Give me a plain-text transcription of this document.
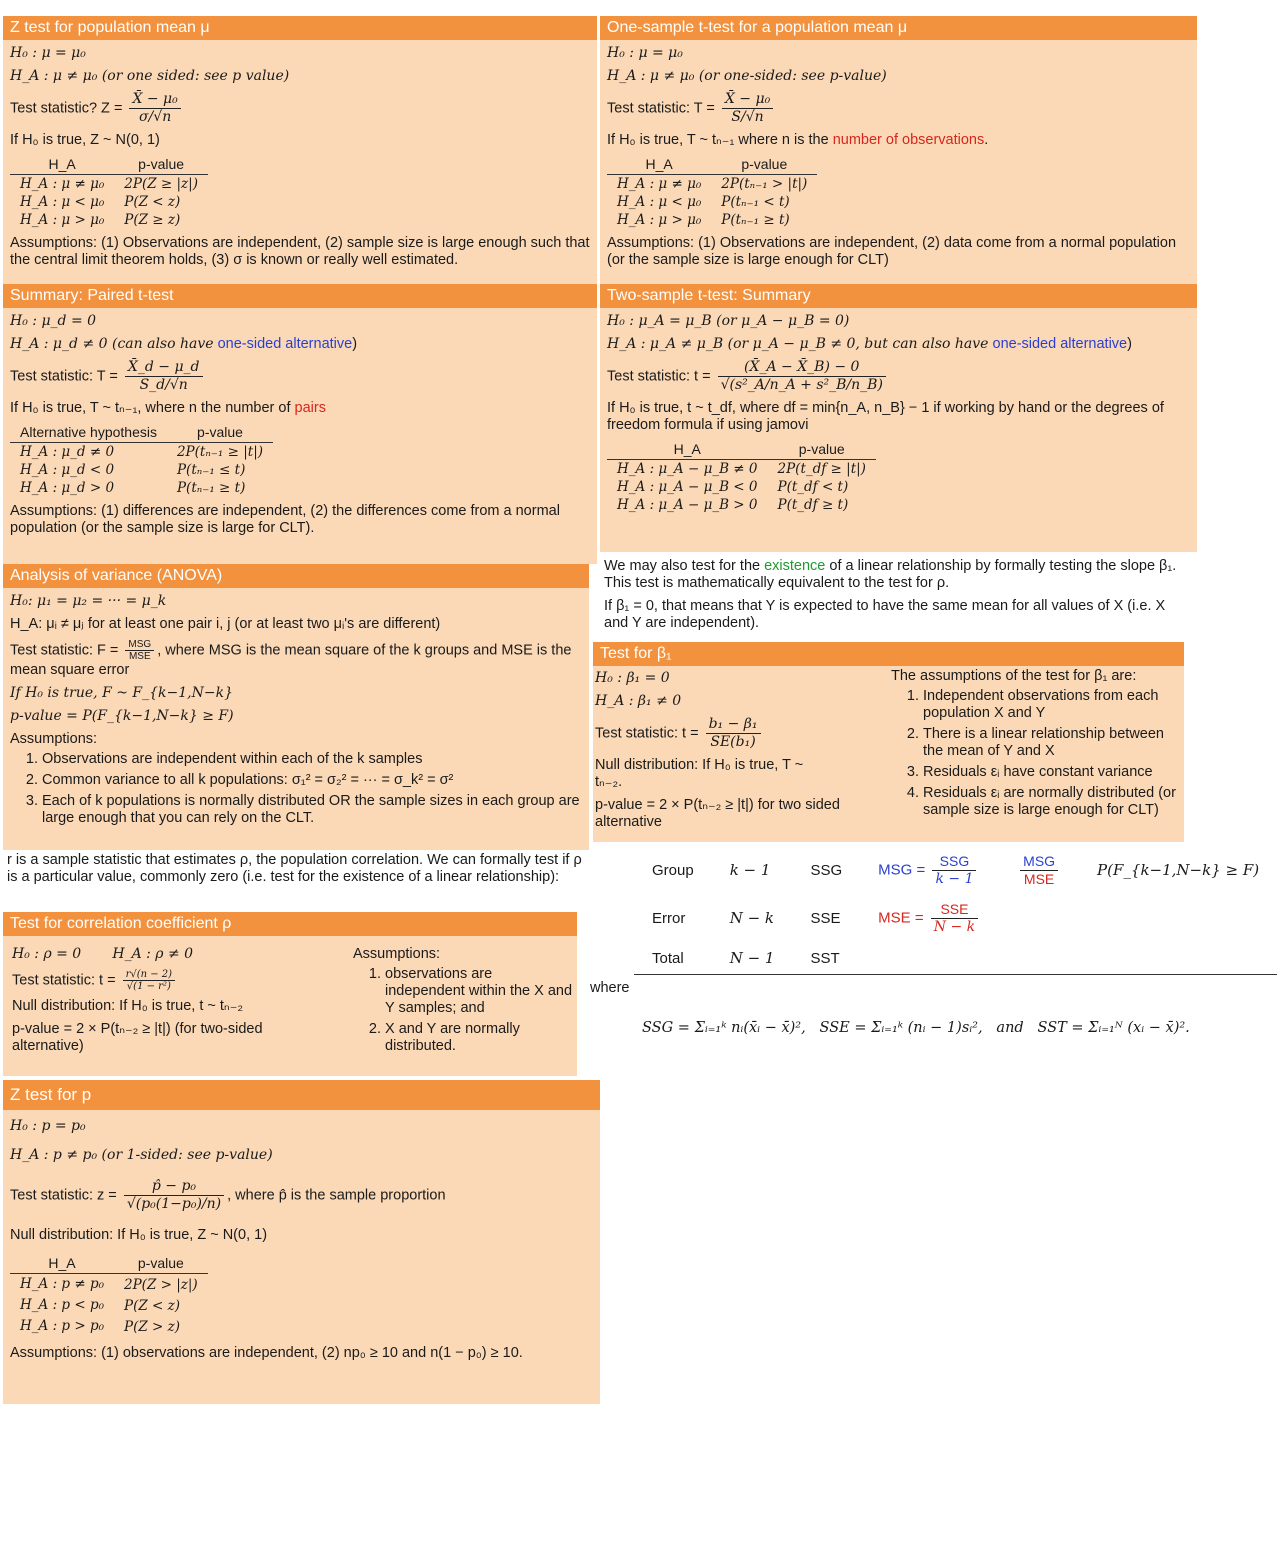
Z test for population mean μ
H₀ : μ = μ₀
H_A : μ ≠ μ₀ (or one sided: see p value)
Test statistic? $Z = \frac{\text{X̄ − μ₀}}{\sigma/√n}$
If H₀ is true, Z ~ N(0, 1)
H_A	p-value
H_A : μ ≠ μ₀	2P(Z ≥ |z|)
H_A : μ < μ₀	P(Z < z)
H_A : μ > μ₀	P(Z ≥ z)
Assumptions: (1) Observations are independent, (2) sample size is large enough such that the central limit theorem holds, (3) σ is known or really well estimated.
One-sample t-test for a population mean μ
H₀ : μ = μ₀
H_A : μ ≠ μ₀ (or one-sided: see p-value)
Test statistic: $T = \frac{\text{X̄ − μ₀}}{S/√n}$
If H₀ is true, T ~ tₙ₋₁ where n is the number of observations.
H_A	p-value
H_A : μ ≠ μ₀	2P(tₙ₋₁ > |t|)
H_A : μ < μ₀	P(tₙ₋₁ < t)
H_A : μ > μ₀	P(tₙ₋₁ ≥ t)
Assumptions: (1) Observations are independent, (2) data come from a normal population (or the sample size is large enough for CLT)
Summary: Paired t-test
H₀ : μ_d = 0
H_A : μ_d ≠ 0 (can also have one-sided alternative)
Test statistic: $T = \frac{X̄\_d - \mu\_d}{S\_d/√n}$
If H₀ is true, T ~ tₙ₋₁, where n the number of pairs
Alternative hypothesis	p-value
H_A : μ_d ≠ 0	2P(tₙ₋₁ ≥ |t|)
H_A : μ_d < 0	P(tₙ₋₁ ≤ t)
H_A : μ_d > 0	P(tₙ₋₁ ≥ t)
Assumptions: (1) differences are independent, (2) the differences come from a normal population (or the sample size is large for CLT).
Two-sample t-test: Summary
H₀ : μ_A = μ_B (or μ_A − μ_B = 0)
H_A : μ_A ≠ μ_B (or μ_A − μ_B ≠ 0, but can also have one-sided alternative)
Test statistic: $t = \frac{(X̄\_A - X̄\_B) - 0}{\text{√(s²\_A/n\_A + s²\_B/n\_B)}}$
If H₀ is true, t ~ t_df, where df = min{n_A, n_B} − 1 if working by hand or the degrees of freedom formula if using jamovi
H_A	p-value
H_A : μ_A − μ_B ≠ 0	2P(t_df ≥ |t|)
H_A : μ_A − μ_B < 0	P(t_df < t)
H_A : μ_A − μ_B > 0	P(t_df ≥ t)
We may also test for the existence of a linear relationship by formally testing the slope β₁. This test is mathematically equivalent to the test for ρ.
If β₁ = 0, that means that Y is expected to have the same mean for all values of X (i.e. X and Y are independent).
Analysis of variance (ANOVA)
H₀: μ₁ = μ₂ = ··· = μ_k
H_A: μᵢ ≠ μⱼ for at least one pair i, j (or at least two μᵢ's are different)
Test statistic: $F = \frac{\text{MSG}}{\text{MSE}}$ , where MSG is the mean square of the k groups and MSE is the mean square error
If H₀ is true, F ~ F_{k−1,N−k}
p-value = P(F_{k−1,N−k} ≥ F)
Assumptions:
1. Observations are independent within each of the k samples
2. Common variance to all k populations: σ₁² = σ₂² = ··· = σ_k² = σ²
3. Each of k populations is normally distributed OR the sample sizes in each group are large enough that you can rely on the CLT.
Test for β₁
H₀ : β₁ = 0
H_A : β₁ ≠ 0
Test statistic: $t = \frac{\text{b₁ − β₁}}{\text{SE(b₁)}}$
Null distribution: If H₀ is true, T ~ tₙ₋₂.
p-value = 2 × P(tₙ₋₂ ≥ |t|) for two sided alternative
The assumptions of the test for β₁ are:
1. Independent observations from each population X and Y
2. There is a linear relationship between the mean of Y and X
3. Residuals εᵢ have constant variance
4. Residuals εᵢ are normally distributed (or sample size is large enough for CLT)
Group	k − 1	SSG	MSG = $\frac{\text{SSG}}{k - 1}$	$\frac{\text{MSG}}{\text{MSE}}$	P(F_{k−1,N−k} ≥ F)
Error	N − k	SSE	MSE = $\frac{\text{SSE}}{N - k}$

Total	N − 1	SST			
where
SSG = Σᵢ₌₁ᵏ nᵢ(x̄ᵢ − x̄)²,   SSE = Σᵢ₌₁ᵏ (nᵢ − 1)sᵢ²,   and   SST = Σᵢ₌₁ᴺ (xᵢ − x̄)².
r is a sample statistic that estimates ρ, the population correlation. We can formally test if ρ is a particular value, commonly zero (i.e. test for the existence of a linear relationship):
Test for correlation coefficient ρ
H₀ : ρ = 0 H_A : ρ ≠ 0
Test statistic: $t = \frac{r√(n - 2)}{\text{√(1 − r²)}}$
Null distribution: If H₀ is true, t ~ tₙ₋₂
p-value = 2 × P(tₙ₋₂ ≥ |t|) (for two-sided alternative)
Assumptions:
1. observations are independent within the X and Y samples; and
2. X and Y are normally distributed.
Z test for p
H₀ : p = p₀
H_A : p ≠ p₀ (or 1-sided: see p-value)
Test statistic: $z = \frac{\text{p̂ − p₀}}{\text{√(p₀(1−p₀)/n)}}$ , where p̂ is the sample proportion
Null distribution: If H₀ is true, Z ~ N(0, 1)
H_A	p-value
H_A : p ≠ p₀	2P(Z > |z|)
H_A : p < p₀	P(Z < z)
H_A : p > p₀	P(Z > z)
Assumptions: (1) observations are independent, (2) np₀ ≥ 10 and n(1 − p₀) ≥ 10.
